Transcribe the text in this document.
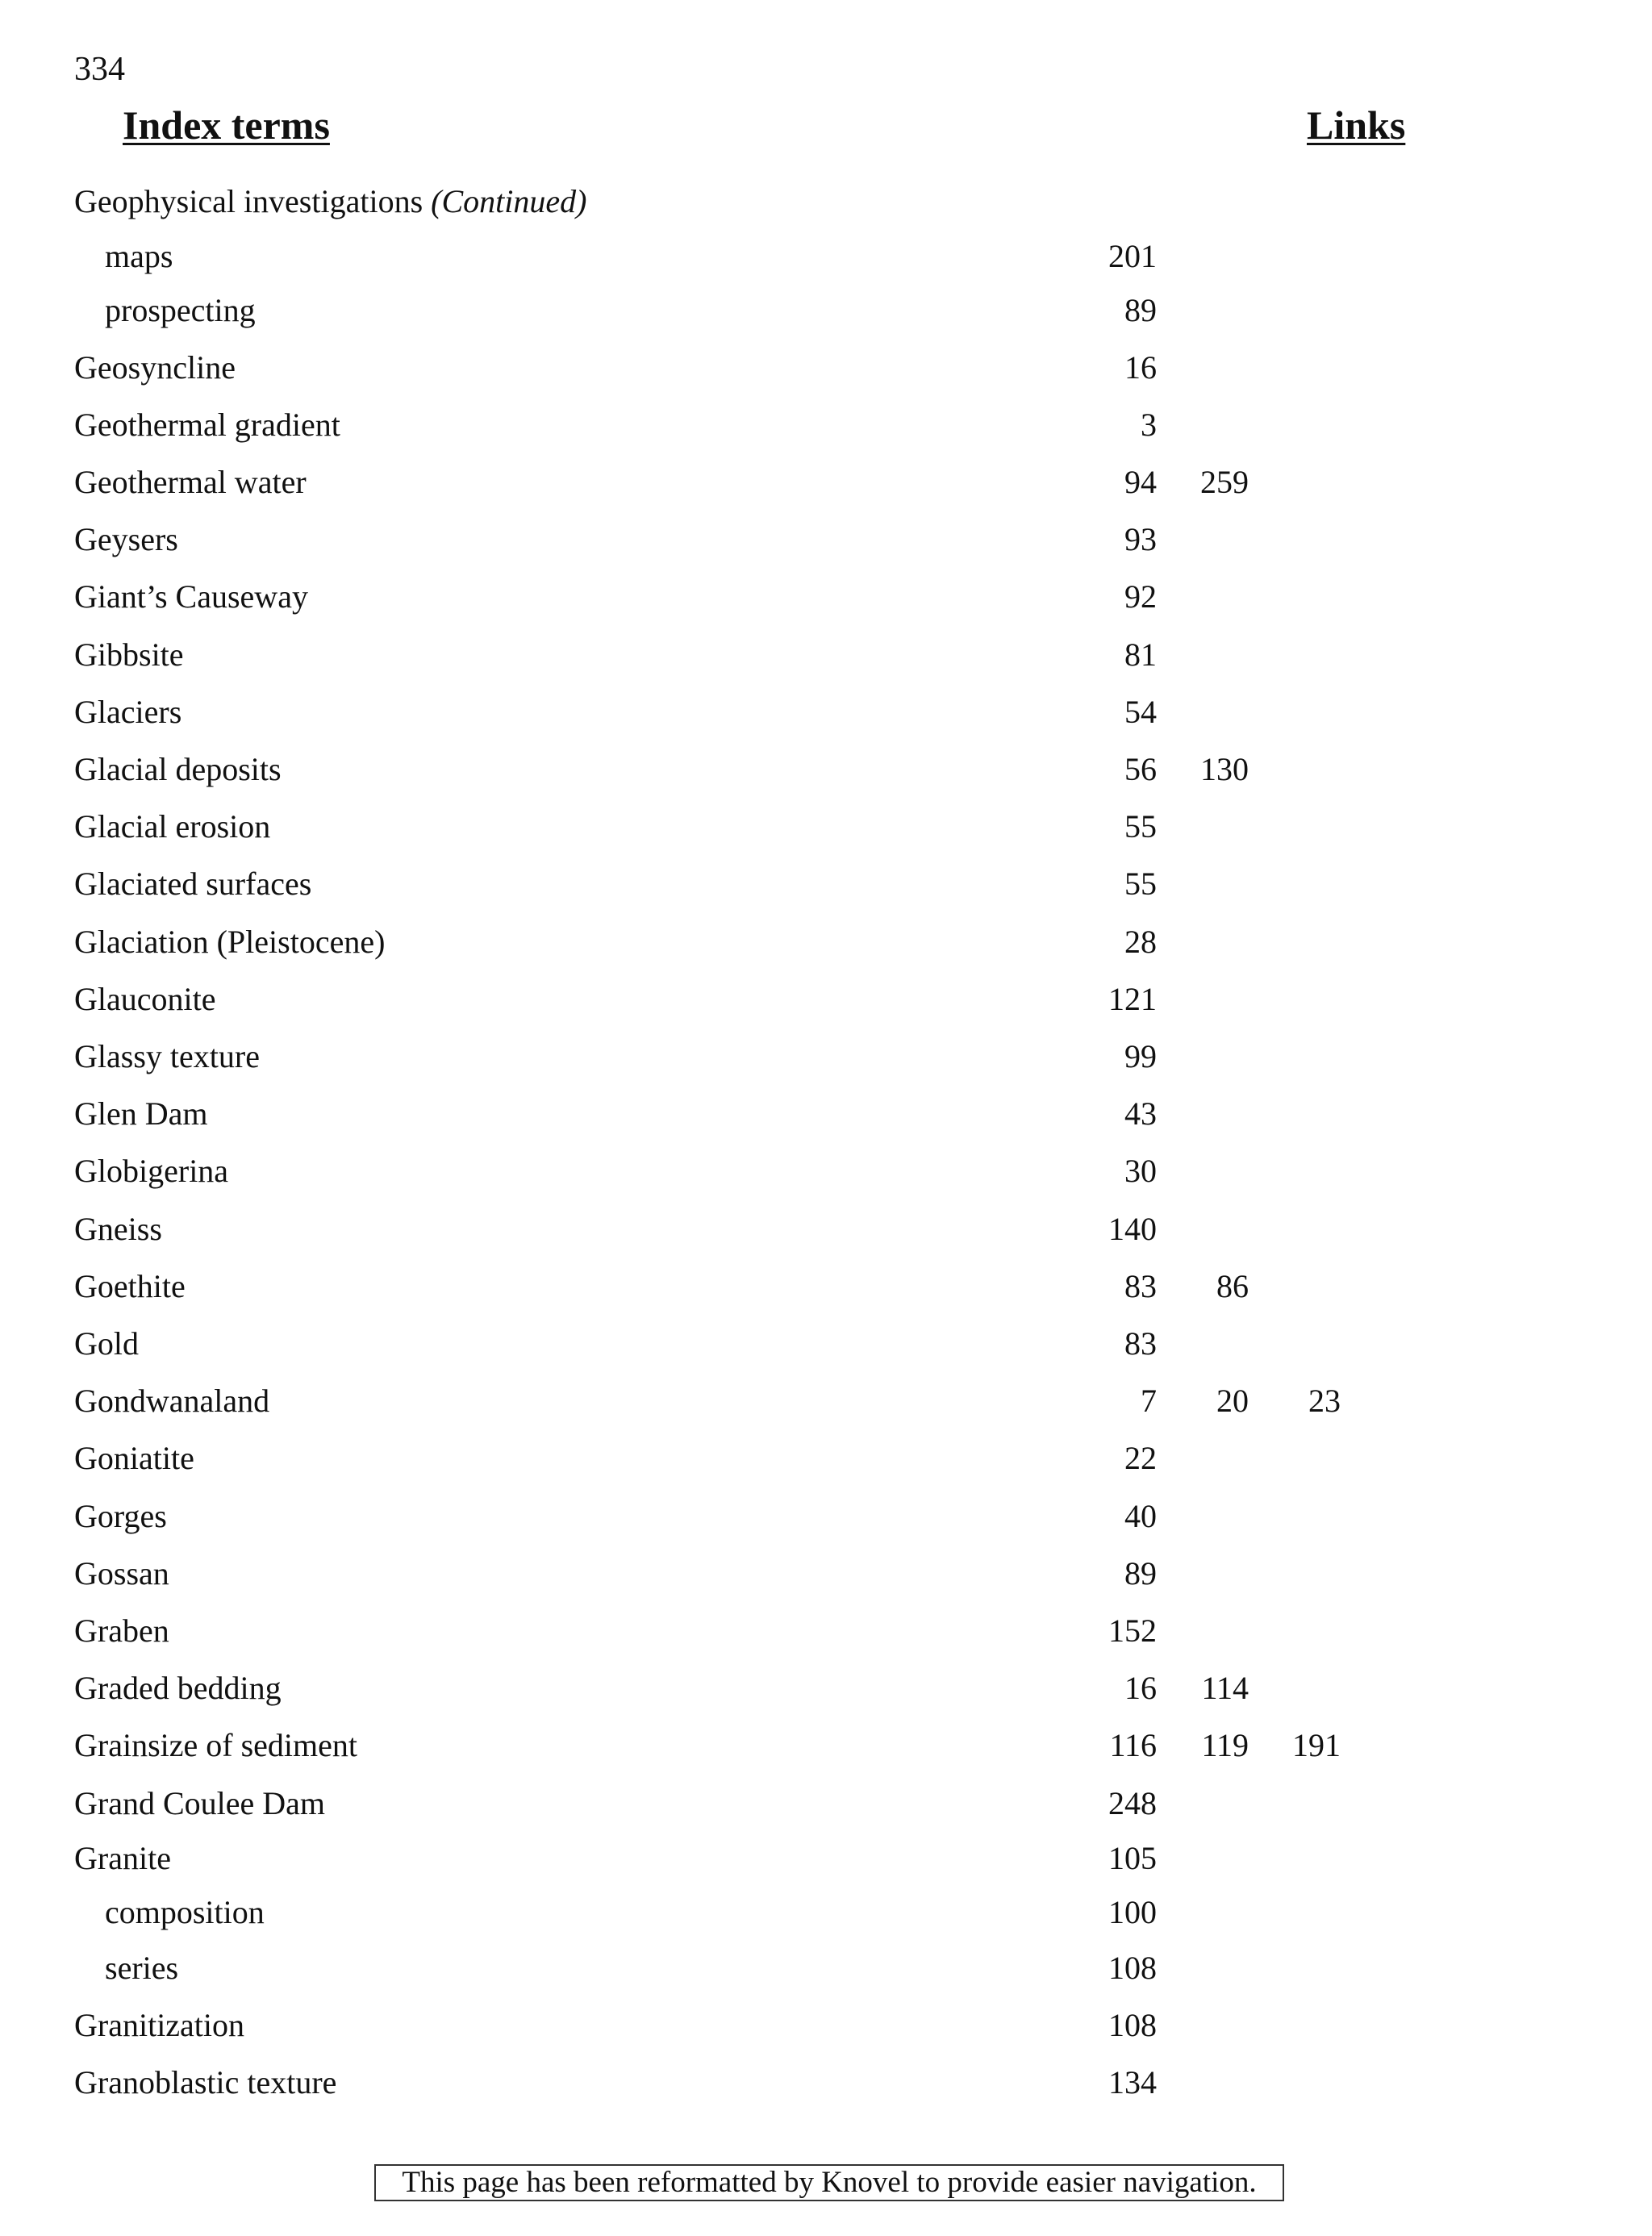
334
Index terms	Links
Geophysical investigations (Continued)
maps	201
prospecting	89
Geosyncline	16
Geothermal gradient	3
Geothermal water	94	259
Geysers	93
Giant’s Causeway	92
Gibbsite	81
Glaciers	54
Glacial deposits	56	130
Glacial erosion	55
Glaciated surfaces	55
Glaciation (Pleistocene)	28
Glauconite	121
Glassy texture	99
Glen Dam	43
Globigerina	30
Gneiss	140
Goethite	83	86
Gold	83
Gondwanaland	7	20	23
Goniatite	22
Gorges	40
Gossan	89
Graben	152
Graded bedding	16	114
Grainsize of sediment	116	119	191
Grand Coulee Dam	248
Granite	105
composition	100
series	108
Granitization	108
Granoblastic texture	134
This page has been reformatted by Knovel to provide easier navigation.
